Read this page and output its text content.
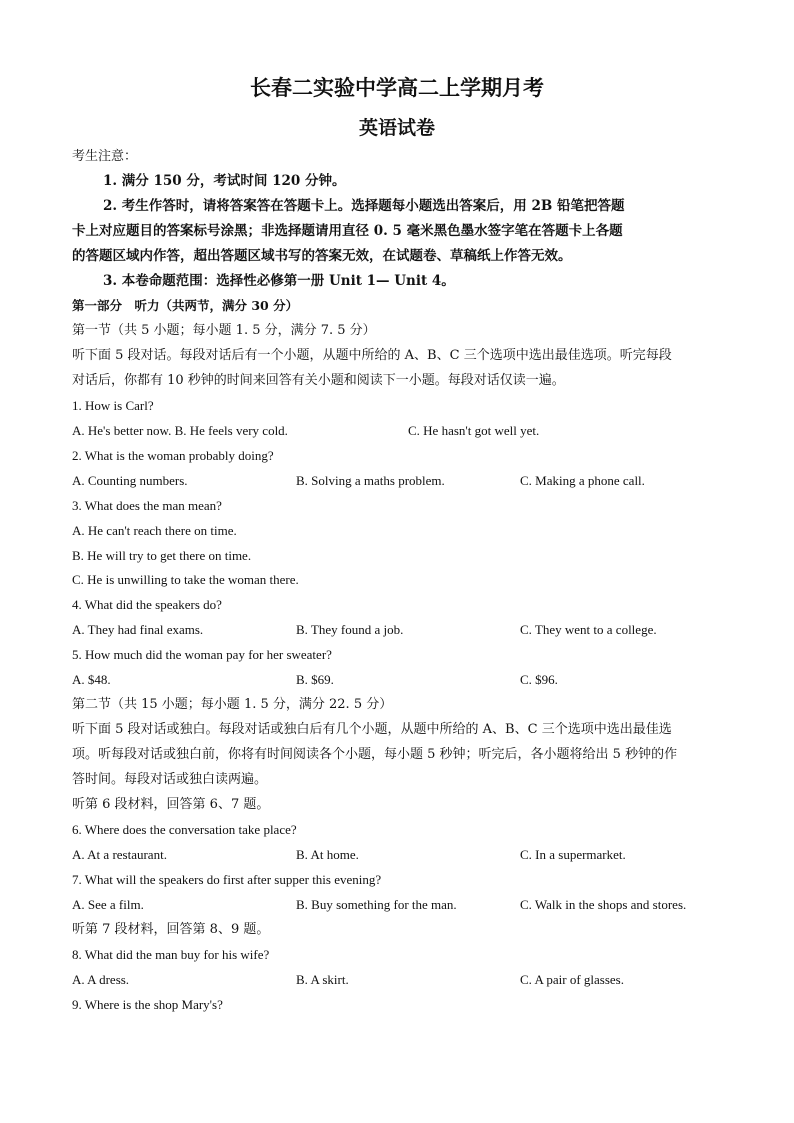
长春二实验中学高二上学期月考
英语试卷
考生注意：
1. 满分 150 分，考试时间 120 分钟。
2. 考生作答时，请将答案答在答题卡上。选择题每小题选出答案后，用 2B 铅笔把答题
卡上对应题目的答案标号涂黑；非选择题请用直径 0. 5 毫米黑色墨水签字笔在答题卡上各题
的答题区域内作答，超出答题区域书写的答案无效，在试题卷、草稿纸上作答无效。
3. 本卷命题范围：选择性必修第一册 Unit 1— Unit 4。
第一部分　听力（共两节，满分 30 分）
第一节（共 5 小题；每小题 1. 5 分，满分 7. 5 分）
听下面 5 段对话。每段对话后有一个小题，从题中所给的 A、B、C 三个选项中选出最佳选项。听完每段
对话后，你都有 10 秒钟的时间来回答有关小题和阅读下一小题。每段对话仅读一遍。
1. How is Carl?
A. He's better now. B. He feels very cold.	C. He hasn't got well yet.
2. What is the woman probably doing?
A. Counting numbers.	B. Solving a maths problem.	C. Making a phone call.
3. What does the man mean?
A. He can't reach there on time.
B. He will try to get there on time.
C. He is unwilling to take the woman there.
4. What did the speakers do?
A. They had final exams.	B. They found a job.	C. They went to a college.
5. How much did the woman pay for her sweater?
A. $48.	B. $69.	C. $96.
第二节（共 15 小题；每小题 1. 5 分，满分 22. 5 分）
听下面 5 段对话或独白。每段对话或独白后有几个小题，从题中所给的 A、B、C 三个选项中选出最佳选
项。听每段对话或独白前，你将有时间阅读各个小题，每小题 5 秒钟；听完后，各小题将给出 5 秒钟的作
答时间。每段对话或独白读两遍。
听第 6 段材料，回答第 6、7 题。
6. Where does the conversation take place?
A. At a restaurant.	B. At home.	C. In a supermarket.
7. What will the speakers do first after supper this evening?
A. See a film.	B. Buy something for the man.	C. Walk in the shops and stores.
听第 7 段材料，回答第 8、9 题。
8. What did the man buy for his wife?
A. A dress.	B. A skirt.	C. A pair of glasses.
9. Where is the shop Mary's?
